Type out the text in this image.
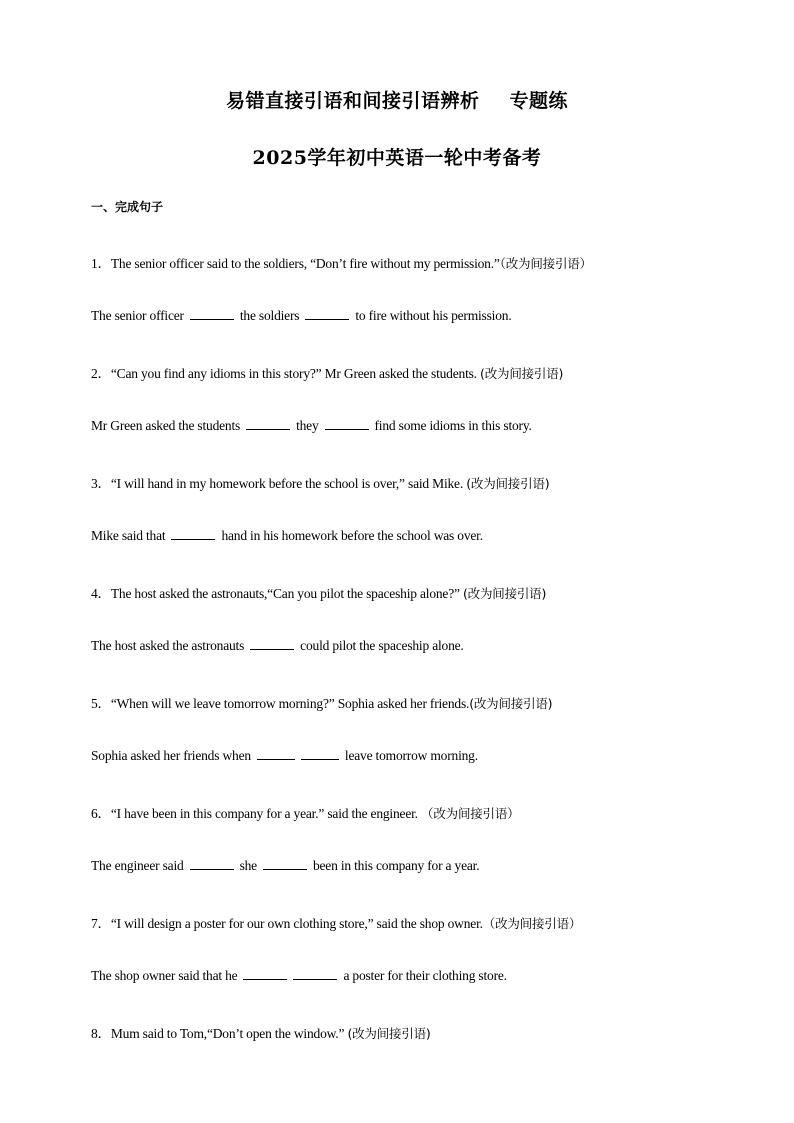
易错直接引语和间接引语辨析 专题练
2025学年初中英语一轮中考备考
一、完成句子
1．The senior officer said to the soldiers, “Don’t fire without my permission.”（改为间接引语）
The senior officer	the soldiers	to fire without his permission.
2．“Can you find any idioms in this story?” Mr Green asked the students. (改为间接引语)
Mr Green asked the students	they	find some idioms in this story.
3．“I will hand in my homework before the school is over,” said Mike. (改为间接引语)
Mike said that	hand in his homework before the school was over.
4．The host asked the astronauts,“Can you pilot the spaceship alone?” (改为间接引语)
The host asked the astronauts	could pilot the spaceship alone.
5．“When will we leave tomorrow morning?” Sophia asked her friends.(改为间接引语)
Sophia asked her friends when	leave tomorrow morning.
6．“I have been in this company for a year.” said the engineer. （改为间接引语）
The engineer said	she	been in this company for a year.
7．“I will design a poster for our own clothing store,” said the shop owner.（改为间接引语）
The shop owner said that he	a poster for their clothing store.
8．Mum said to Tom,“Don’t open the window.” (改为间接引语)
